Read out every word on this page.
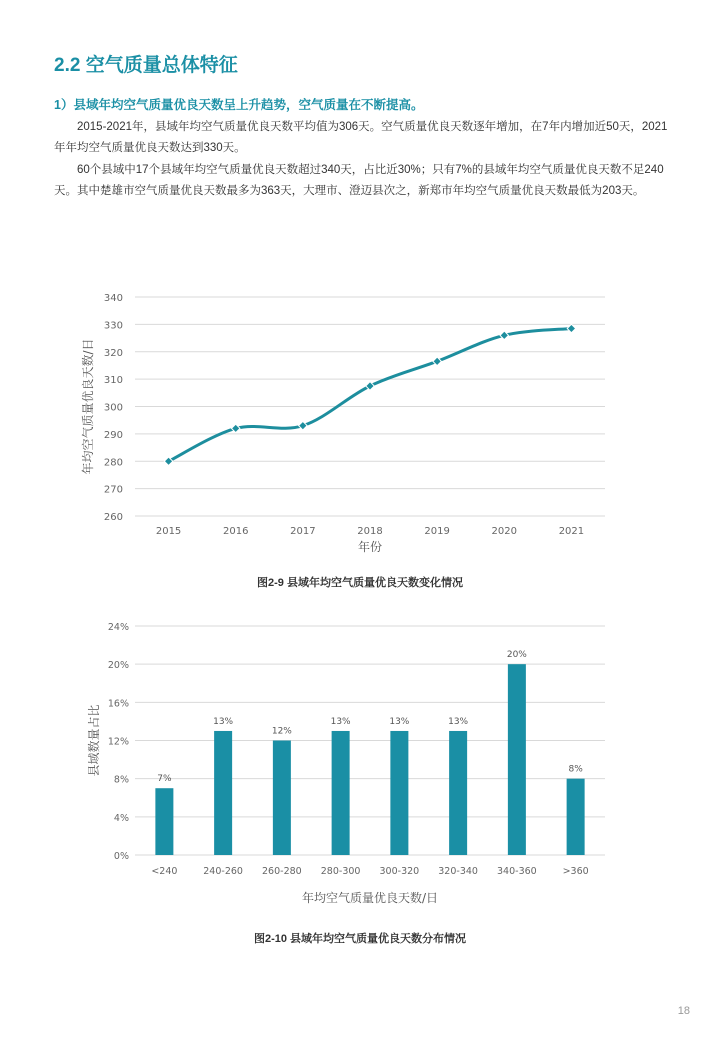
2.2 空气质量总体特征

1）县域年均空气质量优良天数呈上升趋势，空气质量在不断提高。

2015-2021年，县域年均空气质量优良天数平均值为306天。空气质量优良天数逐年增加，在7年内增加近50天，2021年年均空气质量优良天数达到330天。

60个县域中17个县域年均空气质量优良天数超过340天，占比近30%；只有7%的县域年均空气质量优良天数不足240天。其中楚雄市空气质量优良天数最多为363天，大理市、澄迈县次之，新郑市年均空气质量优良天数最低为203天。

260
270
280
290
300
310
320
330
340
2015	2016	2017	2018	2019	2020	2021
年份
年均空气质量优良天数/日
图2-9 县域年均空气质量优良天数变化情况
0%
4%
8%
12%
16%
20%
24%
7%
<240
13%
240-260
12%
260-280
13%
280-300
13%
300-320
13%
320-340
20%
340-360
8%
>360
年均空气质量优良天数/日
县域数量占比
图2-10 县域年均空气质量优良天数分布情况
18
